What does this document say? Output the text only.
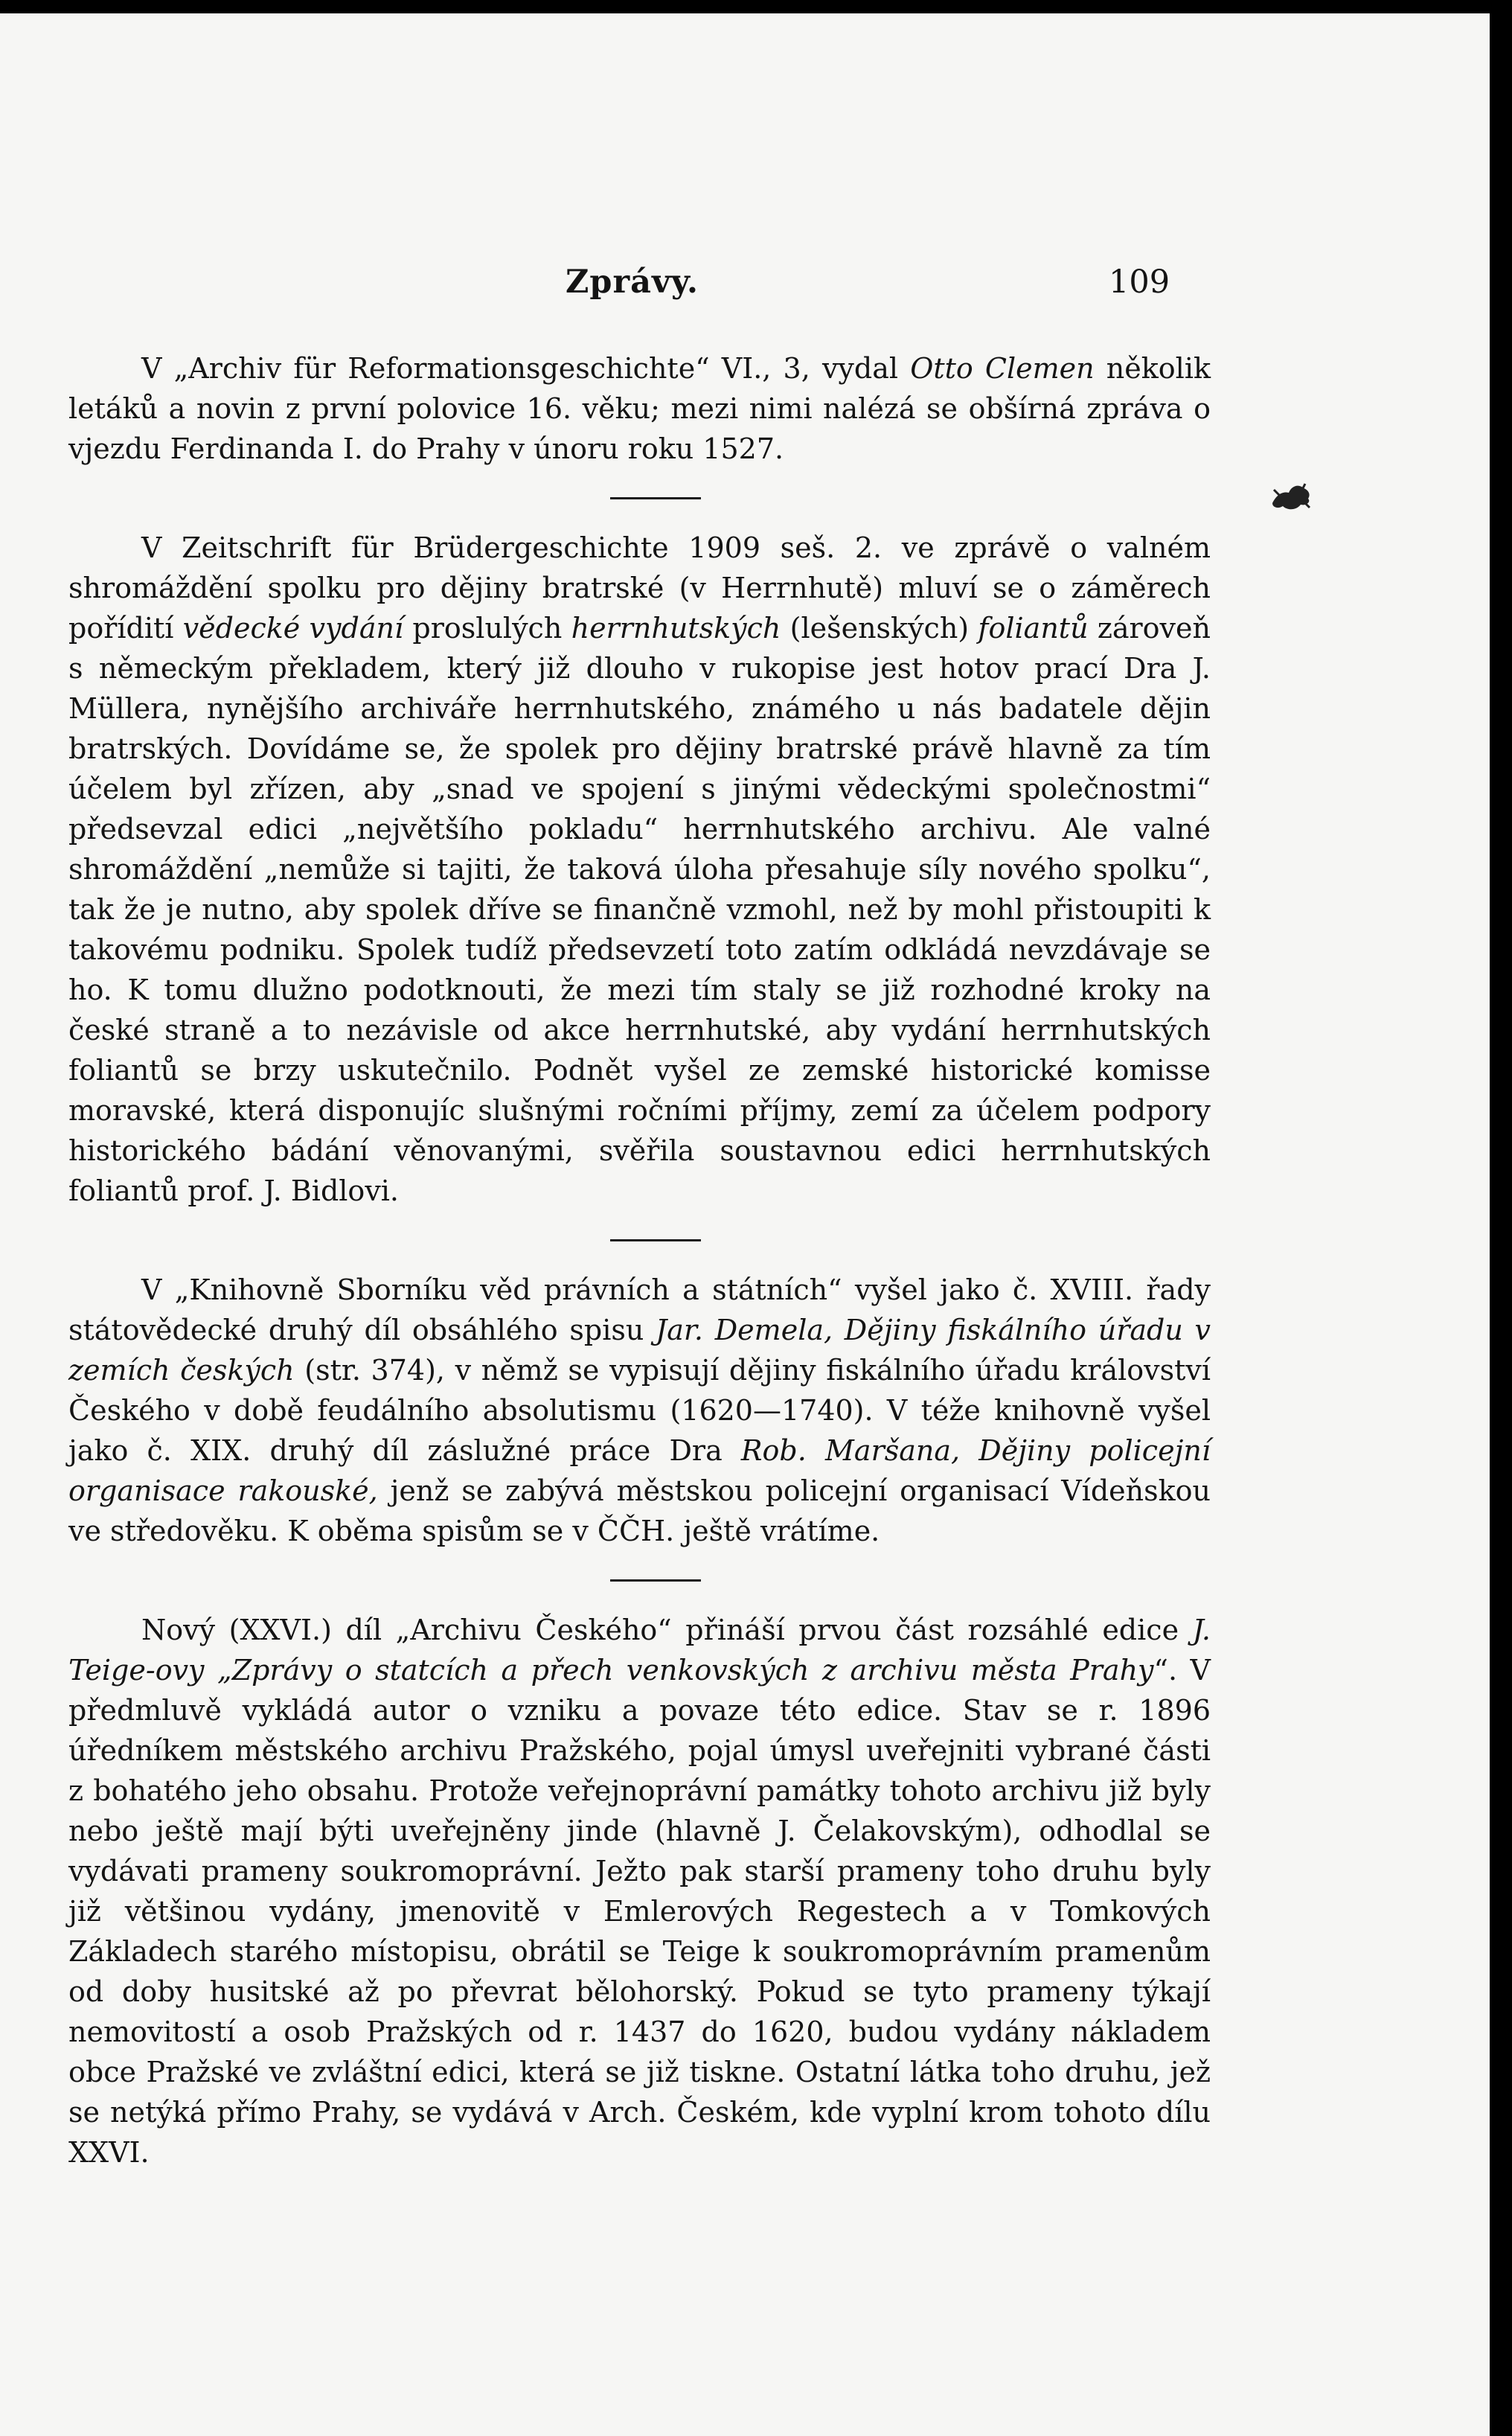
Zprávy.	109

V „Archiv für Reformationsgeschichte“ VI., 3, vydal Otto Clemen několik letáků a novin z první polovice 16. věku; mezi nimi nalézá se obšírná zpráva o vjezdu Ferdinanda I. do Prahy v únoru roku 1527.

V Zeitschrift für Brüdergeschichte 1909 seš. 2. ve zprávě o valném shromáždění spolku pro dějiny bratrské (v Herrnhutě) mluví se o záměrech pořídití vědecké vydání proslulých herrnhutských (lešenských) foliantů zároveň s německým překladem, který již dlouho v rukopise jest hotov prací Dra J. Müllera, nynějšího archiváře herrnhutského, známého u nás badatele dějin bratrských. Dovídáme se, že spolek pro dějiny bratrské právě hlavně za tím účelem byl zřízen, aby „snad ve spojení s jinými vědeckými společnostmi“ předsevzal edici „největšího pokladu“ herrnhutského archivu. Ale valné shromáždění „nemůže si tajiti, že taková úloha přesahuje síly nového spolku“, tak že je nutno, aby spolek dříve se finančně vzmohl, než by mohl přistoupiti k takovému podniku. Spolek tudíž předsevzetí toto zatím odkládá nevzdávaje se ho. K tomu dlužno podotknouti, že mezi tím staly se již rozhodné kroky na české straně a to nezávisle od akce herrnhutské, aby vydání herrnhutských foliantů se brzy uskutečnilo. Podnět vyšel ze zemské historické komisse moravské, která disponujíc slušnými ročními příjmy, zemí za účelem podpory historického bádání věnovanými, svěřila soustavnou edici herrnhutských foliantů prof. J. Bidlovi.

V „Knihovně Sborníku věd právních a státních“ vyšel jako č. XVIII. řady státovědecké druhý díl obsáhlého spisu Jar. Demela, Dějiny fiskálního úřadu v zemích českých (str. 374), v němž se vypisují dějiny fiskálního úřadu království Českého v době feudálního absolutismu (1620—1740). V téže knihovně vyšel jako č. XIX. druhý díl záslužné práce Dra Rob. Maršana, Dějiny policejní organisace rakouské, jenž se zabývá městskou policejní organisací Vídeňskou ve středověku. K oběma spisům se v ČČH. ještě vrátíme.

Nový (XXVI.) díl „Archivu Českého“ přináší prvou část rozsáhlé edice J. Teige-ovy „Zprávy o statcích a přech venkovských z archivu města Prahy“. V předmluvě vykládá autor o vzniku a povaze této edice. Stav se r. 1896 úředníkem městského archivu Pražského, pojal úmysl uveřejniti vybrané části z bohatého jeho obsahu. Protože veřejnoprávní památky tohoto archivu již byly nebo ještě mají býti uveřejněny jinde (hlavně J. Čelakovským), odhodlal se vydávati prameny soukromoprávní. Ježto pak starší prameny toho druhu byly již většinou vydány, jmenovitě v Emlerových Regestech a v Tomkových Základech starého místopisu, obrátil se Teige k soukromoprávním pramenům od doby husitské až po převrat bělohorský. Pokud se tyto prameny týkají nemovitostí a osob Pražských od r. 1437 do 1620, budou vydány nákladem obce Pražské ve zvláštní edici, která se již tiskne. Ostatní látka toho druhu, jež se netýká přímo Prahy, se vydává v Arch. Českém, kde vyplní krom tohoto dílu XXVI.
